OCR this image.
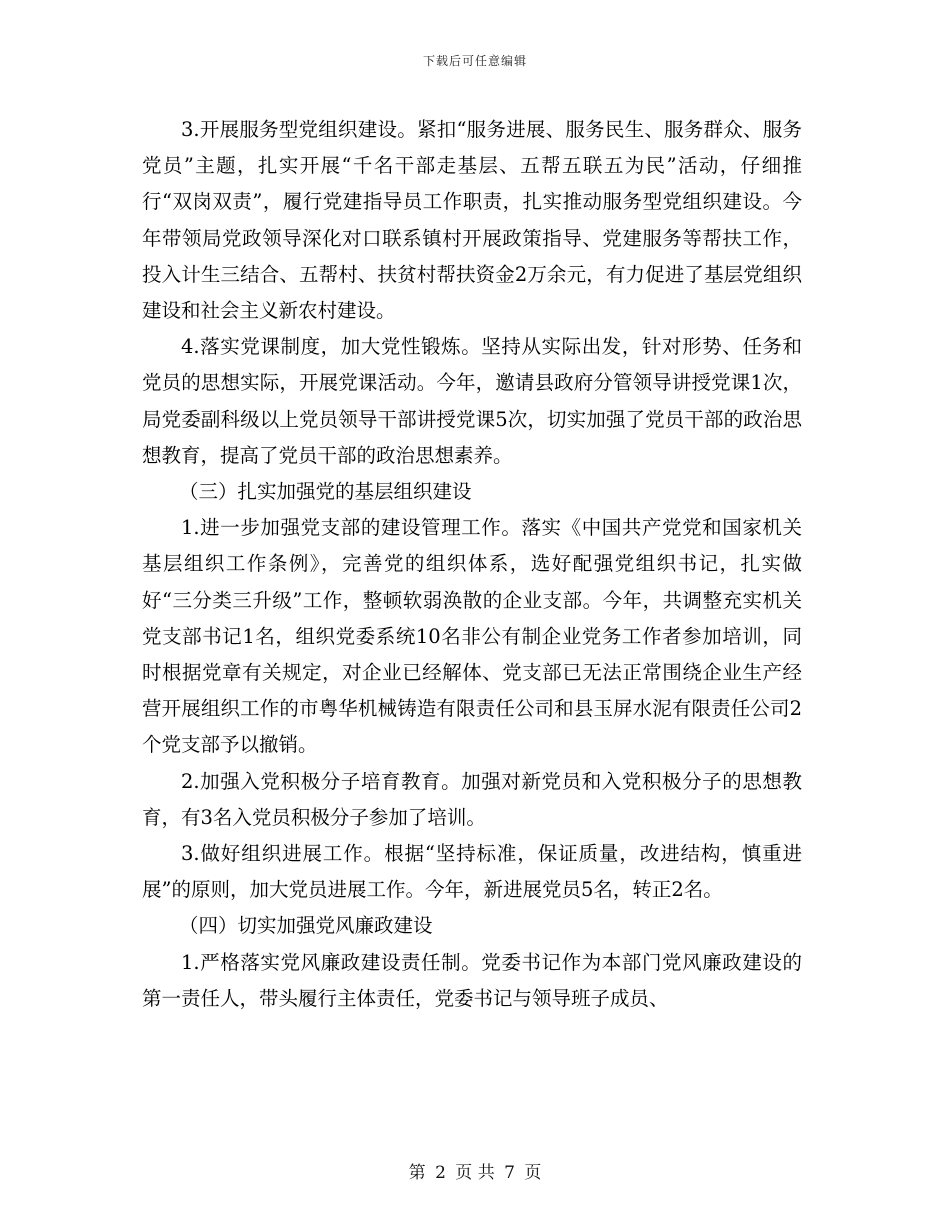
下载后可任意编辑

3.开展服务型党组织建设。紧扣“服务进展、服务民生、服务群众、服务党员”主题，扎实开展“千名干部走基层、五帮五联五为民”活动，仔细推行“双岗双责”，履行党建指导员工作职责，扎实推动服务型党组织建设。今年带领局党政领导深化对口联系镇村开展政策指导、党建服务等帮扶工作，投入计生三结合、五帮村、扶贫村帮扶资金2万余元，有力促进了基层党组织建设和社会主义新农村建设。

4.落实党课制度，加大党性锻炼。坚持从实际出发，针对形势、任务和党员的思想实际，开展党课活动。今年，邀请县政府分管领导讲授党课1次，局党委副科级以上党员领导干部讲授党课5次，切实加强了党员干部的政治思想教育，提高了党员干部的政治思想素养。

（三）扎实加强党的基层组织建设

1.进一步加强党支部的建设管理工作。落实《中国共产党党和国家机关基层组织工作条例》，完善党的组织体系，选好配强党组织书记，扎实做好“三分类三升级”工作，整顿软弱涣散的企业支部。今年，共调整充实机关党支部书记1名，组织党委系统10名非公有制企业党务工作者参加培训，同时根据党章有关规定，对企业已经解体、党支部已无法正常围绕企业生产经营开展组织工作的市粤华机械铸造有限责任公司和县玉屏水泥有限责任公司2个党支部予以撤销。

2.加强入党积极分子培育教育。加强对新党员和入党积极分子的思想教育，有3名入党员积极分子参加了培训。

3.做好组织进展工作。根据“坚持标准，保证质量，改进结构，慎重进展”的原则，加大党员进展工作。今年，新进展党员5名，转正2名。

（四）切实加强党风廉政建设

1.严格落实党风廉政建设责任制。党委书记作为本部门党风廉政建设的第一责任人，带头履行主体责任，党委书记与领导班子成员、

第 2 页 共 7 页
